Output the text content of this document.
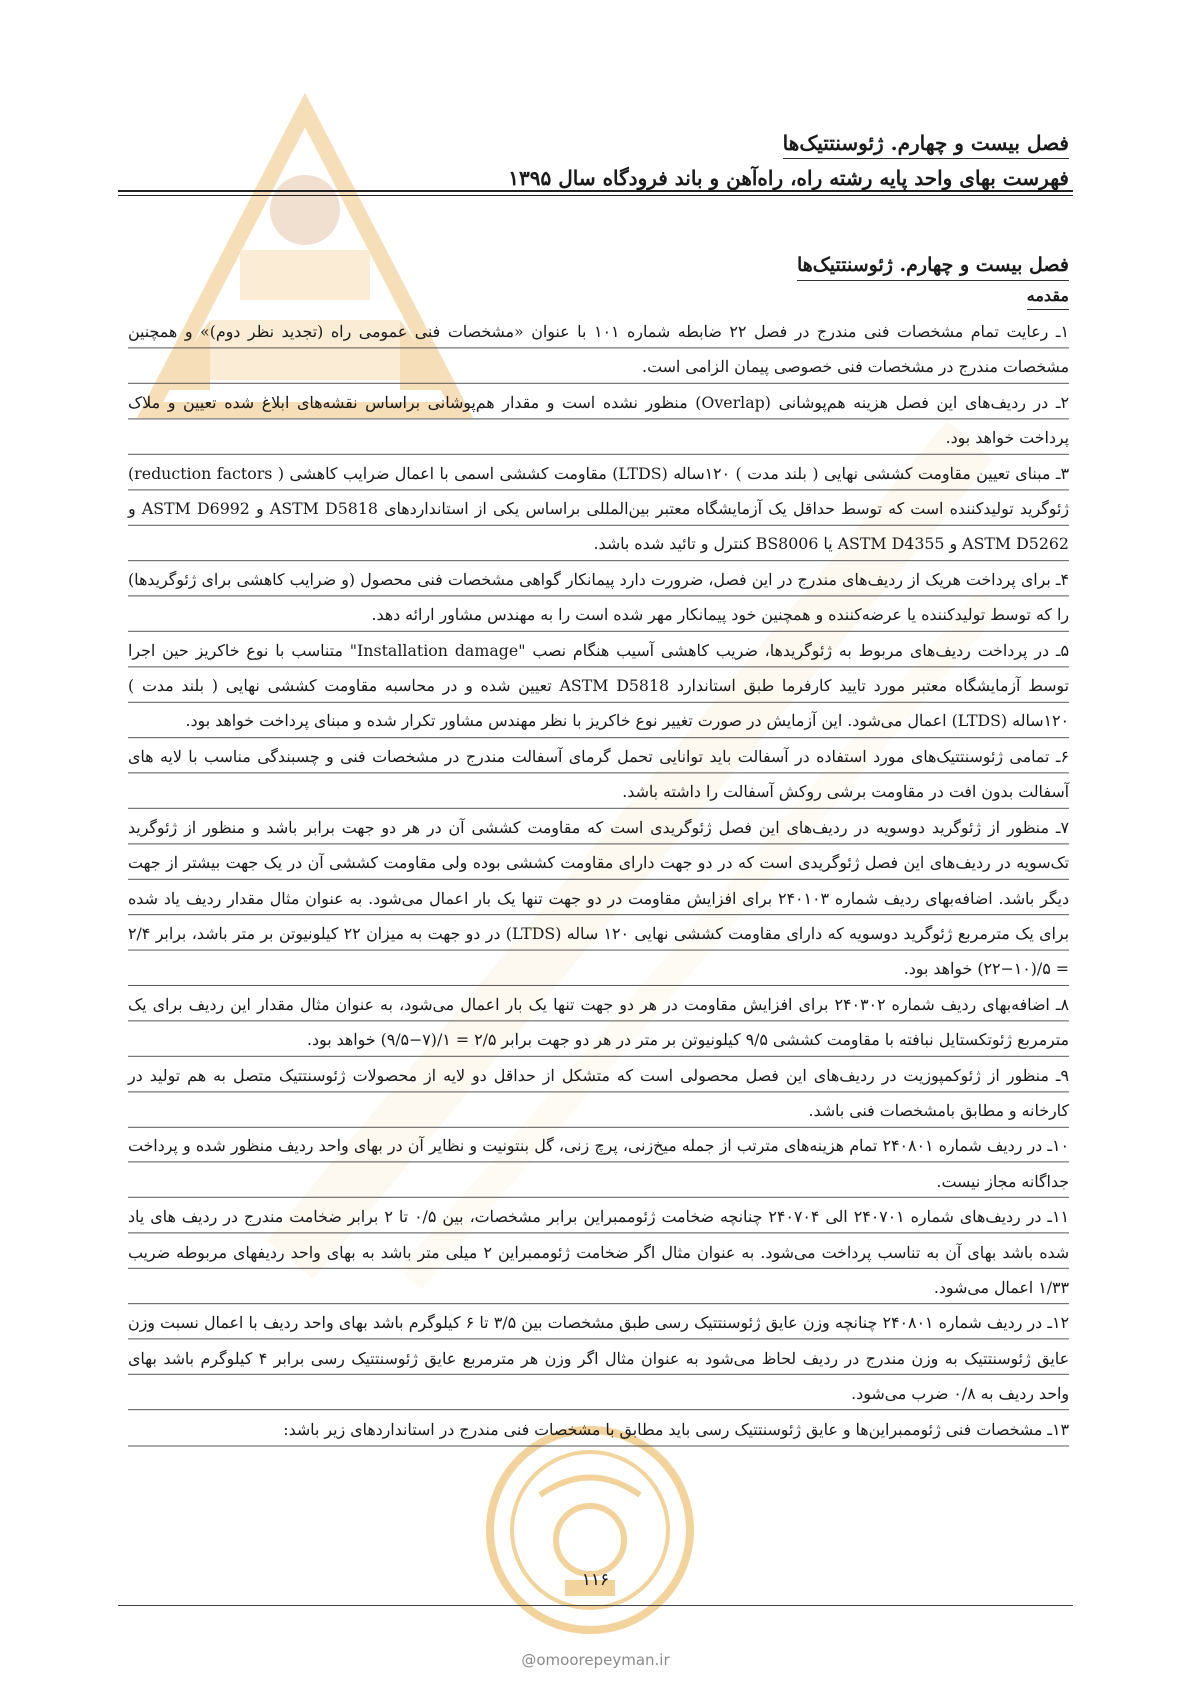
فصل بیست و چهارم. ژئوسنتتیک‌ها
فهرست بهای واحد پایه رشته راه، راه‌آهن و باند فرودگاه سال ۱۳۹۵
فصل بیست و چهارم. ژئوسنتتیک‌ها
مقدمه

۱ـ رعایت تمام مشخصات فنی مندرج در فصل ۲۲ ضابطه شماره ۱۰۱ با عنوان «مشخصات فنی عمومی راه (تجدید نظر دوم)» و همچنین مشخصات مندرج در مشخصات فنی خصوصی پیمان الزامی است.

۲ـ در ردیف‌های این فصل هزینه هم‌پوشانی (Overlap) منظور نشده است و مقدار هم‌پوشانی براساس نقشه‌های ابلاغ شده تعیین و ملاک پرداخت خواهد بود.

۳ـ مبنای تعیین مقاومت کششی نهایی ( بلند مدت ) ۱۲۰ساله (LTDS) مقاومت کششی اسمی با اعمال ضرایب کاهشی ( reduction factors) ژئوگرید تولیدکننده است که توسط حداقل یک آزمایشگاه معتبر بین‌المللی براساس یکی از استانداردهای ASTM D5818 و ASTM D6992 و ASTM D5262 و ASTM D4355 یا BS8006 کنترل و تائید شده باشد.

۴ـ برای پرداخت هریک از ردیف‌های مندرج در این فصل، ضرورت دارد پیمانکار گواهی مشخصات فنی محصول (و ضرایب کاهشی برای ژئوگریدها) را که توسط تولیدکننده یا عرضه‌کننده و همچنین خود پیمانکار مهر شده است را به مهندس مشاور ارائه دهد.

۵ـ در پرداخت ردیف‌های مربوط به ژئوگریدها، ضریب کاهشی آسیب هنگام نصب "Installation damage" متناسب با نوع خاکریز حین اجرا توسط آزمایشگاه معتبر مورد تایید کارفرما طبق استاندارد ASTM D5818 تعیین شده و در محاسبه مقاومت کششی نهایی ( بلند مدت ) ۱۲۰ساله (LTDS) اعمال می‌شود. این آزمایش در صورت تغییر نوع خاکریز با نظر مهندس مشاور تکرار شده و مبنای پرداخت خواهد بود.

۶ـ تمامی ژئوسنتتیک‌های مورد استفاده در آسفالت باید توانایی تحمل گرمای آسفالت مندرج در مشخصات فنی و چسبندگی مناسب با لایه های آسفالت بدون افت در مقاومت برشی روکش آسفالت را داشته باشد.

۷ـ منظور از ژئوگرید دوسویه در ردیف‌های این فصل ژئوگریدی است که مقاومت کششی آن در هر دو جهت برابر باشد و منظور از ژئوگرید تک‌سویه در ردیف‌های این فصل ژئوگریدی است که در دو جهت دارای مقاومت کششی بوده ولی مقاومت کششی آن در یک جهت بیشتر از جهت دیگر باشد. اضافه‌بهای ردیف شماره ۲۴۰۱۰۳ برای افزایش مقاومت در دو جهت تنها یک بار اعمال می‌شود. به عنوان مثال مقدار ردیف یاد شده برای یک مترمربع ژئوگرید دوسویه که دارای مقاومت کششی نهایی ۱۲۰ ساله (LTDS) در دو جهت به میزان ۲۲ کیلونیوتن بر متر باشد، برابر ۲/۴ = ۵/(۱۰−۲۲) خواهد بود.

۸ـ اضافه‌بهای ردیف شماره ۲۴۰۳۰۲ برای افزایش مقاومت در هر دو جهت تنها یک بار اعمال می‌شود، به عنوان مثال مقدار این ردیف برای یک مترمربع ژئوتکستایل نبافته با مقاومت کششی ۹/۵ کیلونیوتن بر متر در هر دو جهت برابر ۲/۵ = ۱/(۷−۹/۵) خواهد بود.

۹ـ منظور از ژئوکمپوزیت در ردیف‌های این فصل محصولی است که متشکل از حداقل دو لایه از محصولات ژئوسنتتیک متصل به هم تولید در کارخانه و مطابق بامشخصات فنی باشد.

۱۰ـ در ردیف شماره ۲۴۰۸۰۱ تمام هزینه‌های مترتب از جمله میخ‌زنی، پرچ زنی، گل بنتونیت و نظایر آن در بهای واحد ردیف منظور شده و پرداخت جداگانه مجاز نیست.

۱۱ـ در ردیف‌های شماره ۲۴۰۷۰۱ الی ۲۴۰۷۰۴ چنانچه ضخامت ژئوممبراین برابر مشخصات، بین ۰/۵ تا ۲ برابر ضخامت مندرج در ردیف های یاد شده باشد بهای آن به تناسب پرداخت می‌شود. به عنوان مثال اگر ضخامت ژئوممبراین ۲ میلی متر باشد به بهای واحد ردیفهای مربوطه ضریب ۱/۳۳ اعمال می‌شود.

۱۲ـ در ردیف شماره ۲۴۰۸۰۱ چنانچه وزن عایق ژئوسنتتیک رسی طبق مشخصات بین ۳/۵ تا ۶ کیلوگرم باشد بهای واحد ردیف با اعمال نسبت وزن عایق ژئوسنتتیک به وزن مندرج در ردیف لحاظ می‌شود به عنوان مثال اگر وزن هر مترمربع عایق ژئوسنتتیک رسی برابر ۴ کیلوگرم باشد بهای واحد ردیف به ۰/۸ ضرب می‌شود.

۱۳ـ مشخصات فنی ژئوممبراین‌ها و عایق ژئوسنتتیک رسی باید مطابق با مشخصات فنی مندرج در استانداردهای زیر باشد:

۱۱۶
@omoorepeyman.ir
